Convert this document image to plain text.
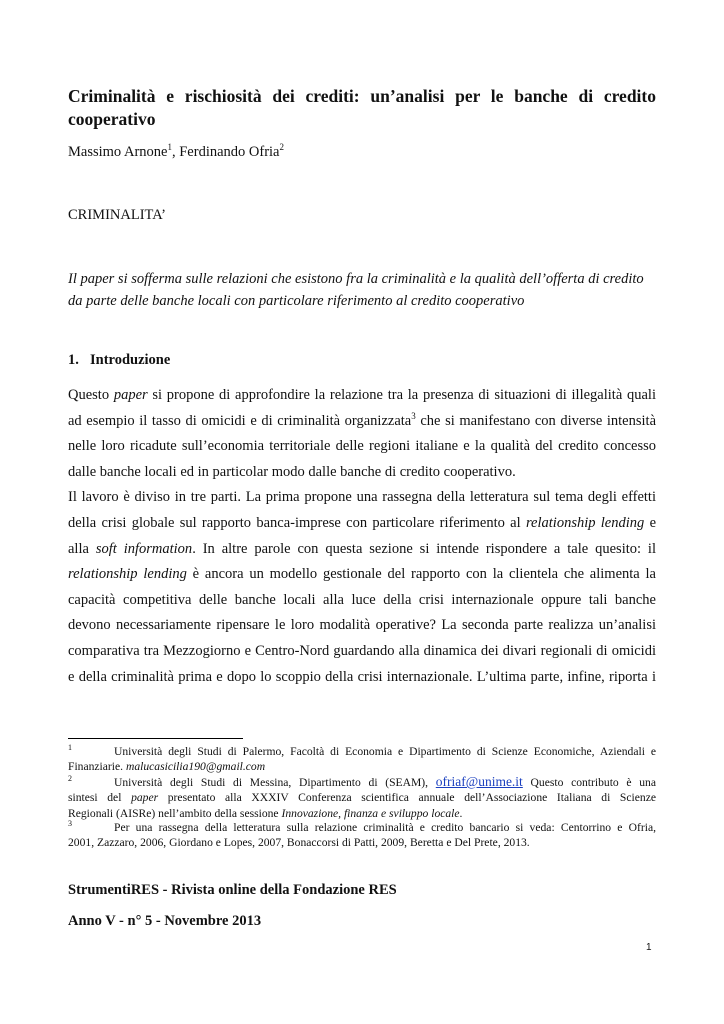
Criminalità e rischiosità dei crediti: un’analisi per le banche di credito
cooperativo

Massimo Arnone$^1$, Ferdinando Ofria$^2$

CRIMINALITA’

Il paper si sofferma sulle relazioni che esistono fra la criminalità e la qualità dell’offerta di credito da parte delle banche locali con particolare riferimento al credito cooperativo

1. Introduzione
Questo paper si propone di approfondire la relazione tra la presenza di situazioni di illegalità quali
ad esempio il tasso di omicidi e di criminalità organizzata$^3$ che si manifestano con diverse intensità
nelle loro ricadute sull’economia territoriale delle regioni italiane e la qualità del credito concesso
dalle banche locali ed in particolar modo dalle banche di credito cooperativo.
Il lavoro è diviso in tre parti. La prima propone una rassegna della letteratura sul tema degli effetti
della crisi globale sul rapporto banca-imprese con particolare riferimento al relationship lending e
alla soft information. In altre parole con questa sezione si intende rispondere a tale quesito: il
relationship lending è ancora un modello gestionale del rapporto con la clientela che alimenta la
capacità competitiva delle banche locali alla luce della crisi internazionale oppure tali banche
devono necessariamente ripensare le loro modalità operative? La seconda parte realizza un’analisi
comparativa tra Mezzogiorno e Centro-Nord guardando alla dinamica dei divari regionali di omicidi
e della criminalità prima e dopo lo scoppio della crisi internazionale. L’ultima parte, infine, riporta i
1	Università degli Studi di Palermo, Facoltà di Economia e Dipartimento di Scienze Economiche, Aziendali e
Finanziarie. malucasicilia190@gmail.com
2	Università degli Studi di Messina, Dipartimento di (SEAM), ofriaf@unime.it Questo contributo è una
sintesi del paper presentato alla XXXIV Conferenza scientifica annuale dell’Associazione Italiana di Scienze
Regionali (AISRe) nell’ambito della sessione Innovazione, finanza e sviluppo locale.
3	Per una rassegna della letteratura sulla relazione criminalità e credito bancario si veda: Centorrino e Ofria,
2001, Zazzaro, 2006, Giordano e Lopes, 2007, Bonaccorsi di Patti, 2009, Beretta e Del Prete, 2013.

StrumentiRES - Rivista online della Fondazione RES

Anno V - n° 5 - Novembre 2013

1
